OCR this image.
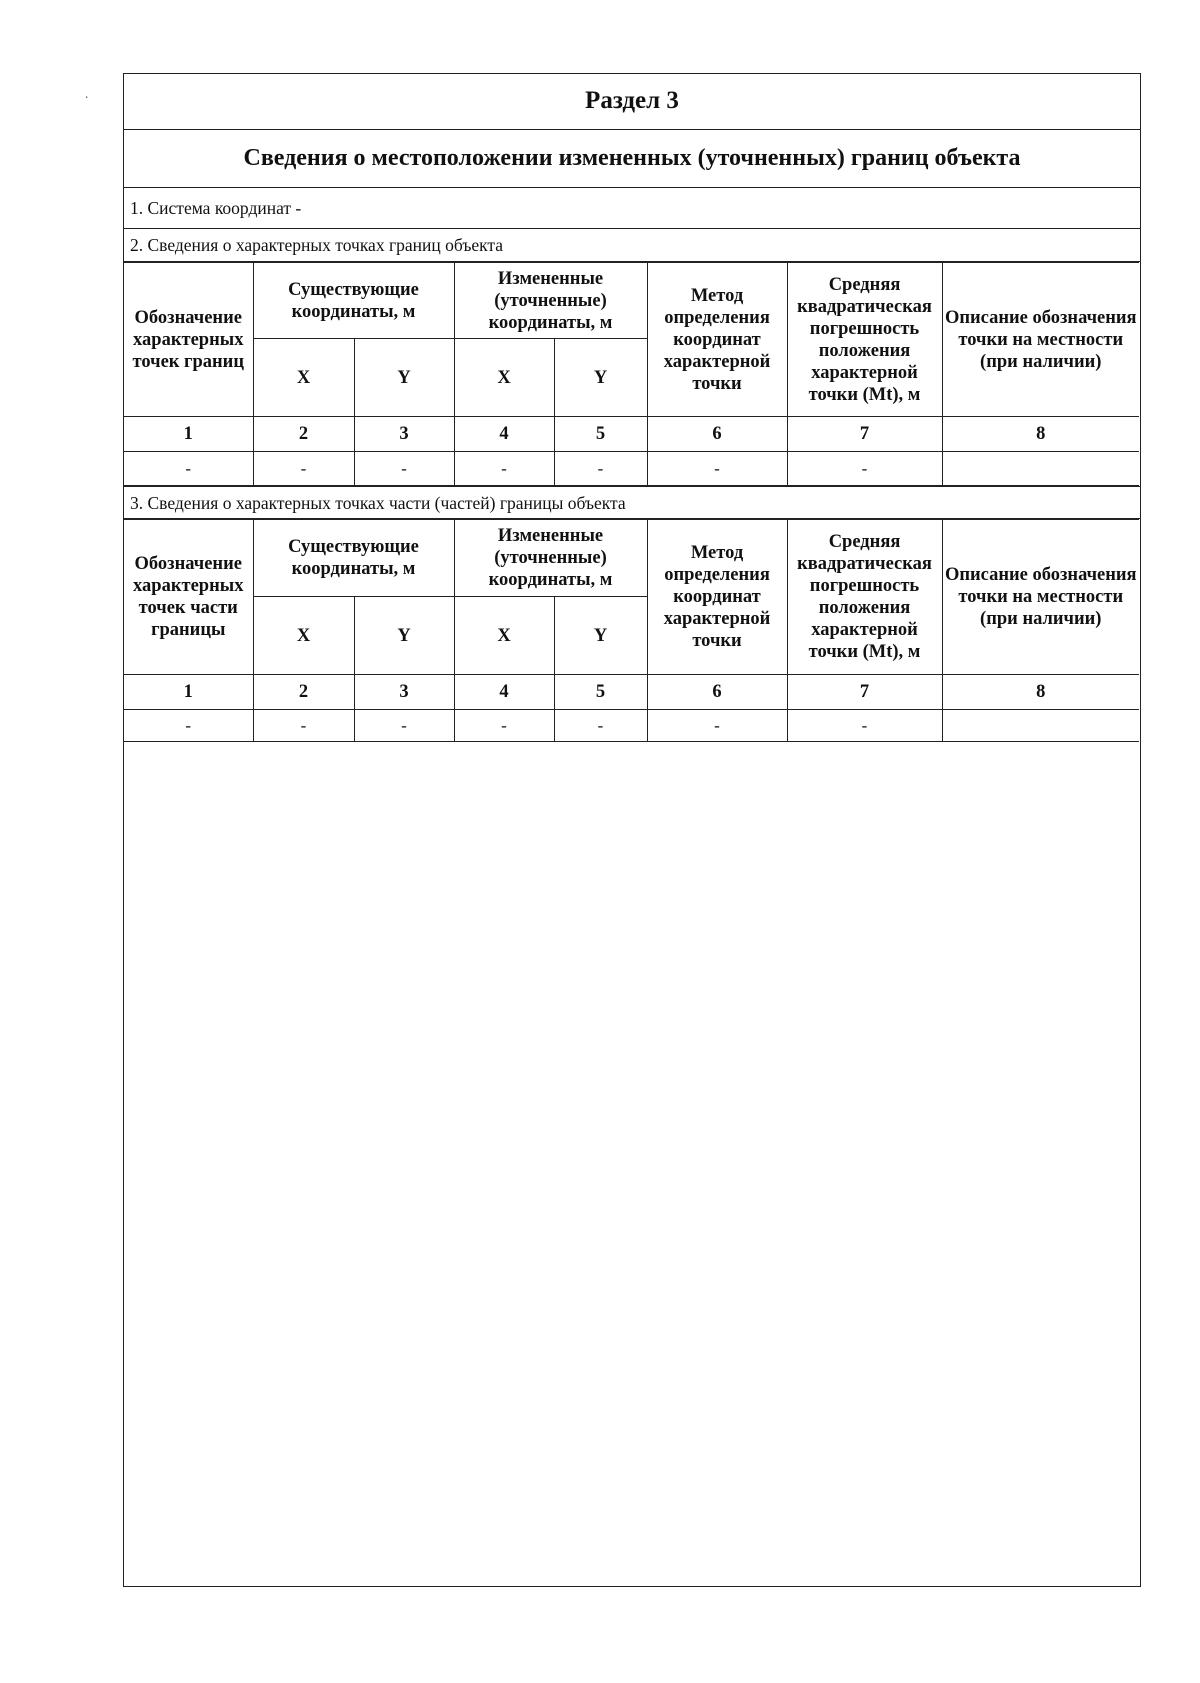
۰	Раздел 3
Сведения о местоположении измененных (уточненных) границ объекта
1. Система координат -
2. Сведения о характерных точках границ объекта
Обозначение характерных точек границ	Существующие координаты, м		Измененные (уточненные) координаты, м		Метод определения координат характерной точки	Средняя квадратическая погрешность положения характерной точки (Mt), м	Описание обозначения точки на местности (при наличии)
	X	Y	X	Y			
1	2	3	4	5	6	7	8
-	-	-	-	-	-	-	
3. Сведения о характерных точках части (частей) границы объекта
Обозначение характерных точек части границы	Существующие координаты, м		Измененные (уточненные) координаты, м		Метод определения координат характерной точки	Средняя квадратическая погрешность положения характерной точки (Mt), м	Описание обозначения точки на местности (при наличии)
	X	Y	X	Y			
1	2	3	4	5	6	7	8
-	-	-	-	-	-	-	
